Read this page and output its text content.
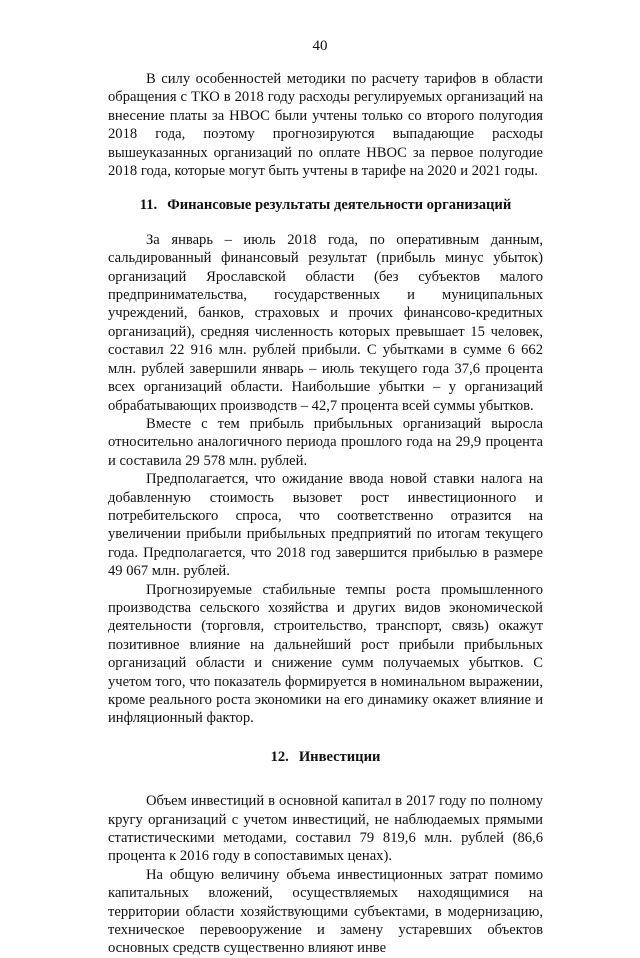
40

В силу особенностей методики по расчету тарифов в области обращения с ТКО в 2018 году расходы регулируемых организаций на внесение платы за НВОС были учтены только со второго полугодия 2018 года, поэтому прогнозируются выпадающие расходы вышеуказанных организаций по оплате НВОС за первое полугодие 2018 года, которые могут быть учтены в тарифе на 2020 и 2021 годы.

11. Финансовые результаты деятельности организаций

За январь – июль 2018 года, по оперативным данным, сальдированный финансовый результат (прибыль минус убыток) организаций Ярославской области (без субъектов малого предпринимательства, государственных и муниципальных учреждений, банков, страховых и прочих финансово-кредитных организаций), средняя численность которых превышает 15 человек, составил 22 916 млн. рублей прибыли. С убытками в сумме 6 662 млн. рублей завершили январь – июль текущего года 37,6 процента всех организаций области. Наибольшие убытки – у организаций обрабатывающих производств – 42,7 процента всей суммы убытков.

Вместе с тем прибыль прибыльных организаций выросла относительно аналогичного периода прошлого года на 29,9 процента и составила 29 578 млн. рублей.

Предполагается, что ожидание ввода новой ставки налога на добавленную стоимость вызовет рост инвестиционного и потребительского спроса, что соответственно отразится на увеличении прибыли прибыльных предприятий по итогам текущего года. Предполагается, что 2018 год завершится прибылью в размере 49 067 млн. рублей.

Прогнозируемые стабильные темпы роста промышленного производства сельского хозяйства и других видов экономической деятельности (торговля, строительство, транспорт, связь) окажут позитивное влияние на дальнейший рост прибыли прибыльных организаций области и снижение сумм получаемых убытков. С учетом того, что показатель формируется в номинальном выражении, кроме реального роста экономики на его динамику окажет влияние и инфляционный фактор.

12. Инвестиции

Объем инвестиций в основной капитал в 2017 году по полному кругу организаций с учетом инвестиций, не наблюдаемых прямыми статистическими методами, составил 79 819,6 млн. рублей (86,6 процента к 2016 году в сопоставимых ценах).

На общую величину объема инвестиционных затрат помимо капитальных вложений, осуществляемых находящимися на территории области хозяйствующими субъектами, в модернизацию, техническое перевооружение и замену устаревших объектов основных средств существенно влияют инве
